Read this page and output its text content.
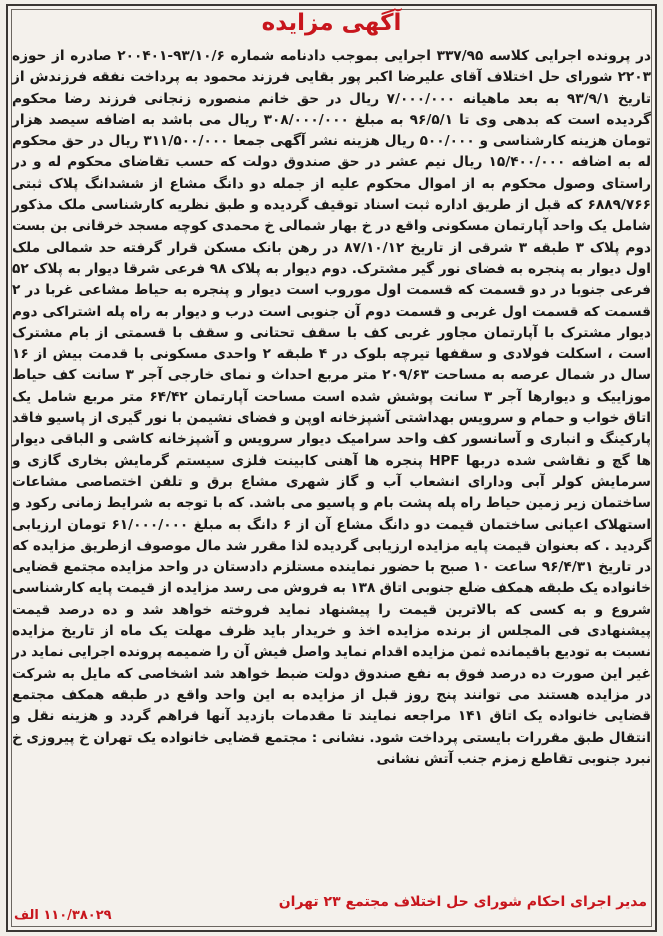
آگهی مزایده
در پرونده اجرایی کلاسه ۳۳۷/۹۵ اجرایی بموجب دادنامه شماره ۹۳/۱۰/۶-۲۰۰۴۰۱ صادره از حوزه ۲۲۰۳ شورای حل اختلاف آقای علیرضا اکبر پور بقایی فرزند محمود به پرداخت نفقه فرزندش از تاریخ ۹۳/۹/۱ به بعد ماهیانه ۷/۰۰۰/۰۰۰ ریال در حق خانم منصوره زنجانی فرزند رضا محکوم گردیده است که بدهی وی تا ۹۶/۵/۱ به مبلغ ۳۰۸/۰۰۰/۰۰۰ ریال می باشد به اضافه سیصد هزار تومان هزینه کارشناسی و ۵۰۰/۰۰۰ ریال هزینه نشر آگهی جمعا ۳۱۱/۵۰۰/۰۰۰ ریال در حق محکوم له به اضافه ۱۵/۴۰۰/۰۰۰ ریال نیم عشر در حق صندوق دولت که حسب تقاضای محکوم له و در راستای وصول محکوم به از اموال محکوم علیه از جمله دو دانگ مشاع از ششدانگ پلاک ثبتی ۶۸۸۹/۷۶۶ که قبل از طریق اداره ثبت اسناد توقیف گردیده و طبق نظریه کارشناسی ملک مذکور شامل یک واحد آپارتمان مسکونی واقع در خ بهار شمالی خ محمدی کوچه مسجد خرقانی بن بست دوم پلاک ۳ طبقه ۳ شرقی از تاریخ ۸۷/۱۰/۱۲ در رهن بانک مسکن قرار گرفته حد شمالی ملک اول دیوار به پنجره به فضای نور گیر مشترک. دوم دیوار به پلاک ۹۸ فرعی شرقا دیوار به پلاک ۵۲ فرعی جنوبا در دو قسمت که قسمت اول موروب است دیوار و پنجره به حیاط مشاعی غربا در ۲ قسمت که قسمت اول غربی و قسمت دوم آن جنوبی است درب و دیوار به راه پله اشتراکی دوم دیوار مشترک با آپارتمان مجاور غربی کف با سقف تحتانی و سقف با قسمتی از بام مشترک است ، اسکلت فولادی و سقفها تیرچه بلوک در ۴ طبقه ۲ واحدی مسکونی با قدمت بیش از ۱۶ سال در شمال عرصه به مساحت ۲۰۹/۶۳ متر مربع احداث و نمای خارجی آجر ۳ سانت کف حیاط موزاییک و دیوارها آجر ۳ سانت پوشش شده است مساحت آپارتمان ۶۴/۴۲ متر مربع شامل یک اتاق خواب و حمام و سرویس بهداشتی آشپزخانه اوپن و فضای نشیمن با نور گیری از پاسیو فاقد پارکینگ و انباری و آسانسور کف واحد سرامیک دیوار سرویس و آشپزخانه کاشی و الباقی دیوار ها گچ و نقاشی شده دربها HPF پنجره ها آهنی کابینت فلزی سیستم گرمایش بخاری گازی و سرمایش کولر آبی ودارای انشعاب آب و گاز شهری مشاع برق و تلفن اختصاصی مشاعات ساختمان زیر زمین حیاط راه پله پشت بام و پاسیو می باشد. که با توجه به شرایط زمانی رکود و استهلاک اعیانی ساختمان قیمت دو دانگ مشاع آن از ۶ دانگ به مبلغ ۶۱/۰۰۰/۰۰۰ تومان ارزیابی گردید . که بعنوان قیمت پایه مزایده ارزیابی گردیده لذا مقرر شد مال موصوف ازطریق مزایده که در تاریخ ۹۶/۴/۳۱ ساعت ۱۰ صبح با حضور نماینده مستلزم دادستان در واحد مزایده مجتمع قضایی خانواده یک طبقه همکف ضلع جنوبی اتاق ۱۳۸ به فروش می رسد مزایده از قیمت پایه کارشناسی شروع و به کسی که بالاترین قیمت را پیشنهاد نماید فروخته خواهد شد و ده درصد قیمت پیشنهادی فی المجلس از برنده مزایده اخذ و خریدار باید ظرف مهلت یک ماه از تاریخ مزایده نسبت به تودیع باقیمانده ثمن مزایده اقدام نماید واصل فیش آن را ضمیمه پرونده اجرایی نماید در غیر این صورت ده درصد فوق به نفع صندوق دولت ضبط خواهد شد اشخاصی که مایل به شرکت در مزایده هستند می توانند پنج روز قبل از مزایده به این واحد واقع در طبقه همکف مجتمع قضایی خانواده یک اتاق ۱۴۱ مراجعه نمایند تا مقدمات بازدید آنها فراهم گردد و هزینه نقل و انتقال طبق مقررات بایستی پرداخت شود. نشانی : مجتمع قضایی خانواده یک تهران خ پیروزی خ نبرد جنوبی تقاطع زمزم جنب آتش نشانی
مدیر اجرای احکام شورای حل اختلاف مجتمع ۲۳ تهران
۱۱۰/۳۸۰۲۹ الف
